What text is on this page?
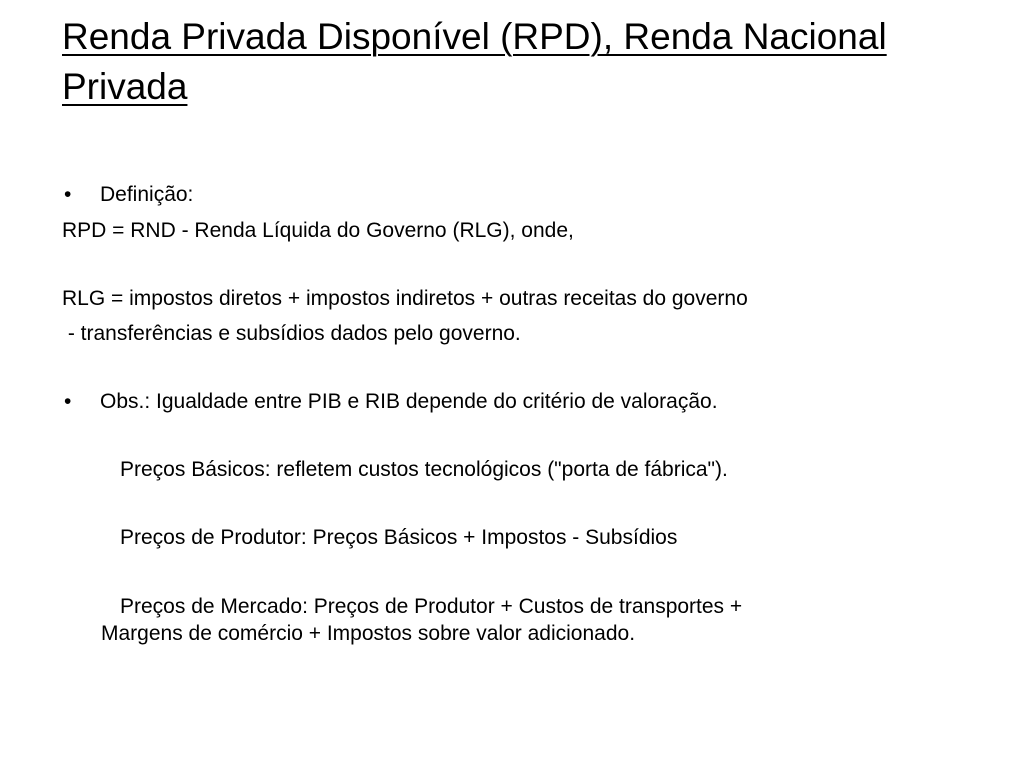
Renda Privada Disponível (RPD), Renda Nacional Privada
• Definição:
RPD = RND - Renda Líquida do Governo (RLG), onde,
RLG = impostos diretos + impostos indiretos + outras receitas do governo
- transferências e subsídios dados pelo governo.
• Obs.: Igualdade entre PIB e RIB depende do critério de valoração.
Preços Básicos: refletem custos tecnológicos ("porta de fábrica").
Preços de Produtor: Preços Básicos + Impostos - Subsídios
Preços de Mercado: Preços de Produtor + Custos de transportes +
Margens de comércio + Impostos sobre valor adicionado.
